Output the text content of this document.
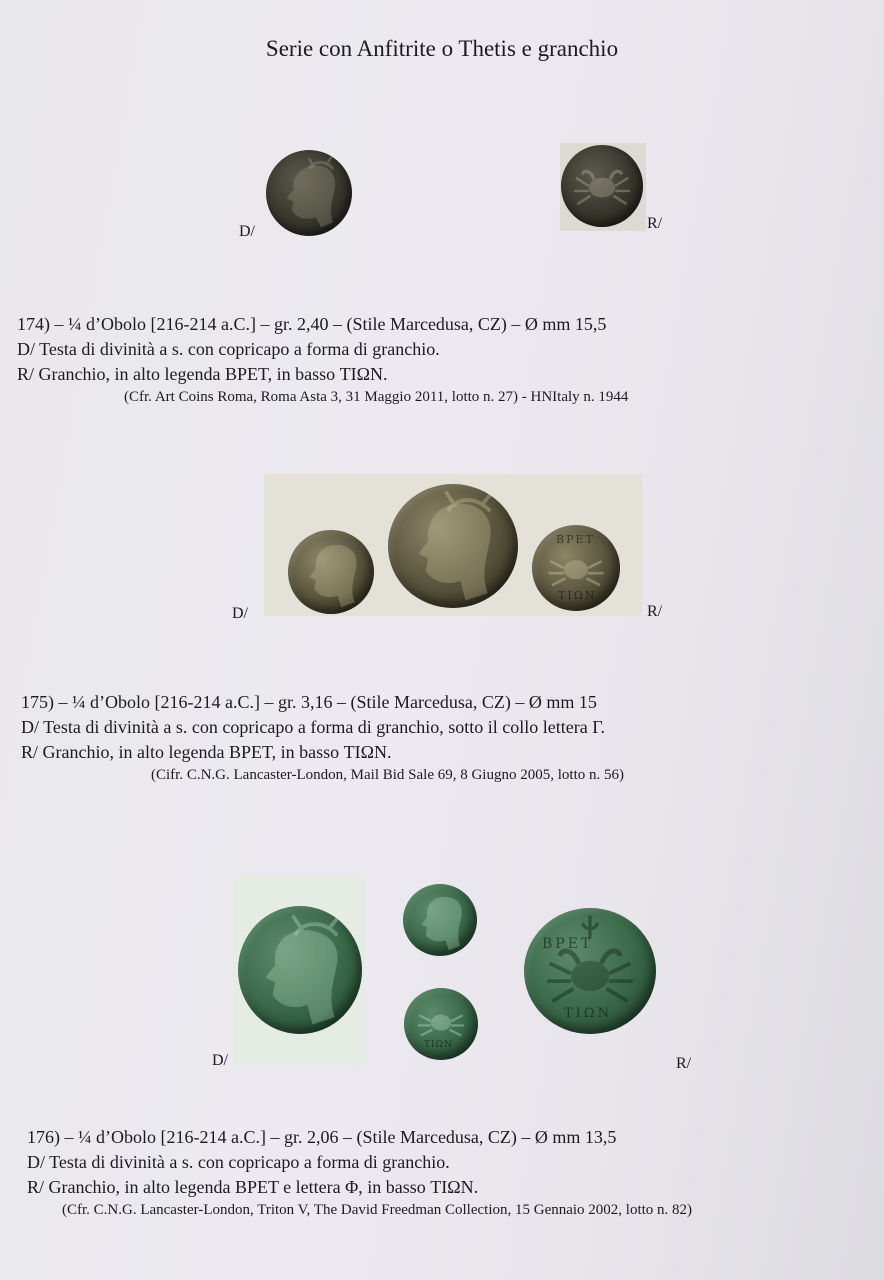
Serie con Anfitrite o Thetis e granchio
D/	R/
174) – ¼ d’Obolo [216-214 a.C.] – gr. 2,40 – (Stile Marcedusa, CZ) – Ø mm 15,5
D/ Testa di divinità a s. con copricapo a forma di granchio.
R/ Granchio, in alto legenda ΒΡΕΤ, in basso ΤΙΩΝ.
(Cfr. Art Coins Roma, Roma Asta 3, 31 Maggio 2011, lotto n. 27) - HNItaly n. 1944
ΒΡΕΤ
ΤΙΩΝ
D/	R/
175) – ¼ d’Obolo [216-214 a.C.] – gr. 3,16 – (Stile Marcedusa, CZ) – Ø mm 15
D/ Testa di divinità a s. con copricapo a forma di granchio, sotto il collo lettera Γ.
R/ Granchio, in alto legenda ΒΡΕΤ, in basso ΤΙΩΝ.
(Cifr. C.N.G. Lancaster-London, Mail Bid Sale 69, 8 Giugno 2005, lotto n. 56)
ΤΙΩΝ
ΒΡΕΤ
ΤΙΩΝ
D/	R/
176) – ¼ d’Obolo [216-214 a.C.] – gr. 2,06 – (Stile Marcedusa, CZ) – Ø mm 13,5
D/ Testa di divinità a s. con copricapo a forma di granchio.
R/ Granchio, in alto legenda ΒΡΕΤ e lettera Φ, in basso ΤΙΩΝ.
(Cfr. C.N.G. Lancaster-London, Triton V, The David Freedman Collection, 15 Gennaio 2002, lotto n. 82)
